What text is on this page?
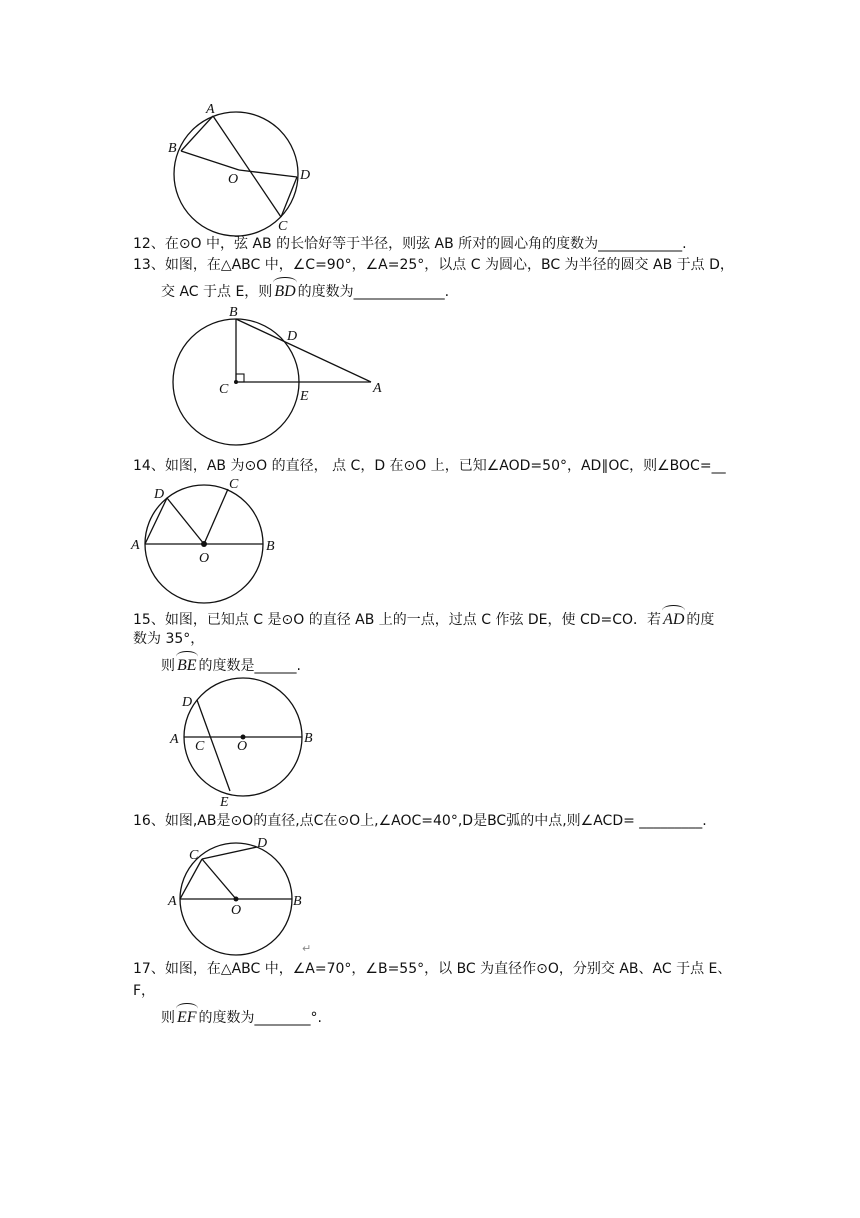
A
B
O	D
C
12、在⊙O 中，弦 AB 的长恰好等于半径，则弦 AB 所对的圆心角的度数为____________.
13、如图，在△ABC 中，∠C=90°，∠A=25°，以点 C 为圆心，BC 为半径的圆交 AB 于点 D，
交 AC 于点 E，则 BD 的度数为_____________.
B
D
C	E
A
14、如图，AB 为⊙O 的直径， 点 C，D 在⊙O 上，已知∠AOD=50°，AD∥OC，则∠BOC=__
D
C
A
O
B
15、如图，已知点 C 是⊙O 的直径 AB 上的一点，过点 C 作弦 DE，使 CD=CO．若 AD 的度
数为 35°，
则 BE 的度数是______.
D
A C O
B
E
16、如图,AB是⊙O的直径,点C在⊙O上,∠AOC=40°,D是BC弧的中点,则∠ACD= _________.
C
D
A
O
B
↵
17、如图，在△ABC 中，∠A=70°，∠B=55°，以 BC 为直径作⊙O，分别交 AB、AC 于点 E、
F，
则 EF 的度数为________°.
